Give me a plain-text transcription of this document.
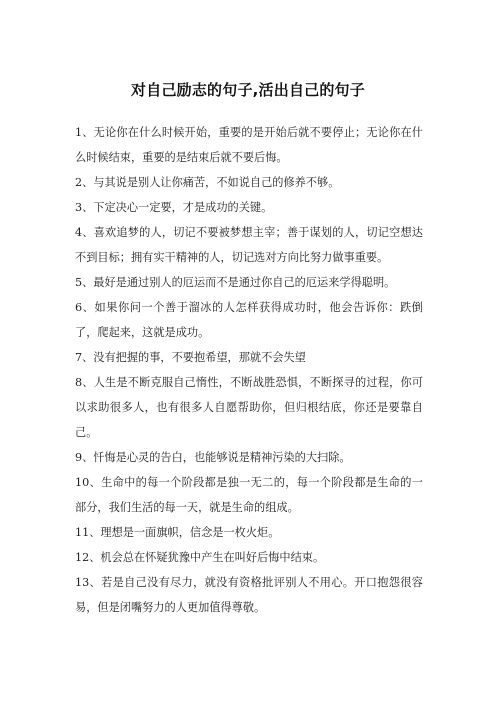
对自己励志的句子,活出自己的句子

1、无论你在什么时候开始，重要的是开始后就不要停止；无论你在什么时候结束，重要的是结束后就不要后悔。

2、与其说是别人让你痛苦，不如说自己的修养不够。

3、下定决心一定要，才是成功的关键。

4、喜欢追梦的人，切记不要被梦想主宰；善于谋划的人，切记空想达不到目标；拥有实干精神的人，切记选对方向比努力做事重要。

5、最好是通过别人的厄运而不是通过你自己的厄运来学得聪明。

6、如果你问一个善于溜冰的人怎样获得成功时，他会告诉你：跌倒了，爬起来，这就是成功。

7、没有把握的事，不要抱希望，那就不会失望

8、人生是不断克服自己惰性，不断战胜恐惧，不断探寻的过程，你可以求助很多人，也有很多人自愿帮助你，但归根结底，你还是要靠自己。

9、忏悔是心灵的告白，也能够说是精神污染的大扫除。

10、生命中的每一个阶段都是独一无二的，每一个阶段都是生命的一部分，我们生活的每一天，就是生命的组成。

11、理想是一面旗帜，信念是一枚火炬。

12、机会总在怀疑犹豫中产生在叫好后悔中结束。

13、若是自己没有尽力，就没有资格批评别人不用心。开口抱怨很容易，但是闭嘴努力的人更加值得尊敬。
